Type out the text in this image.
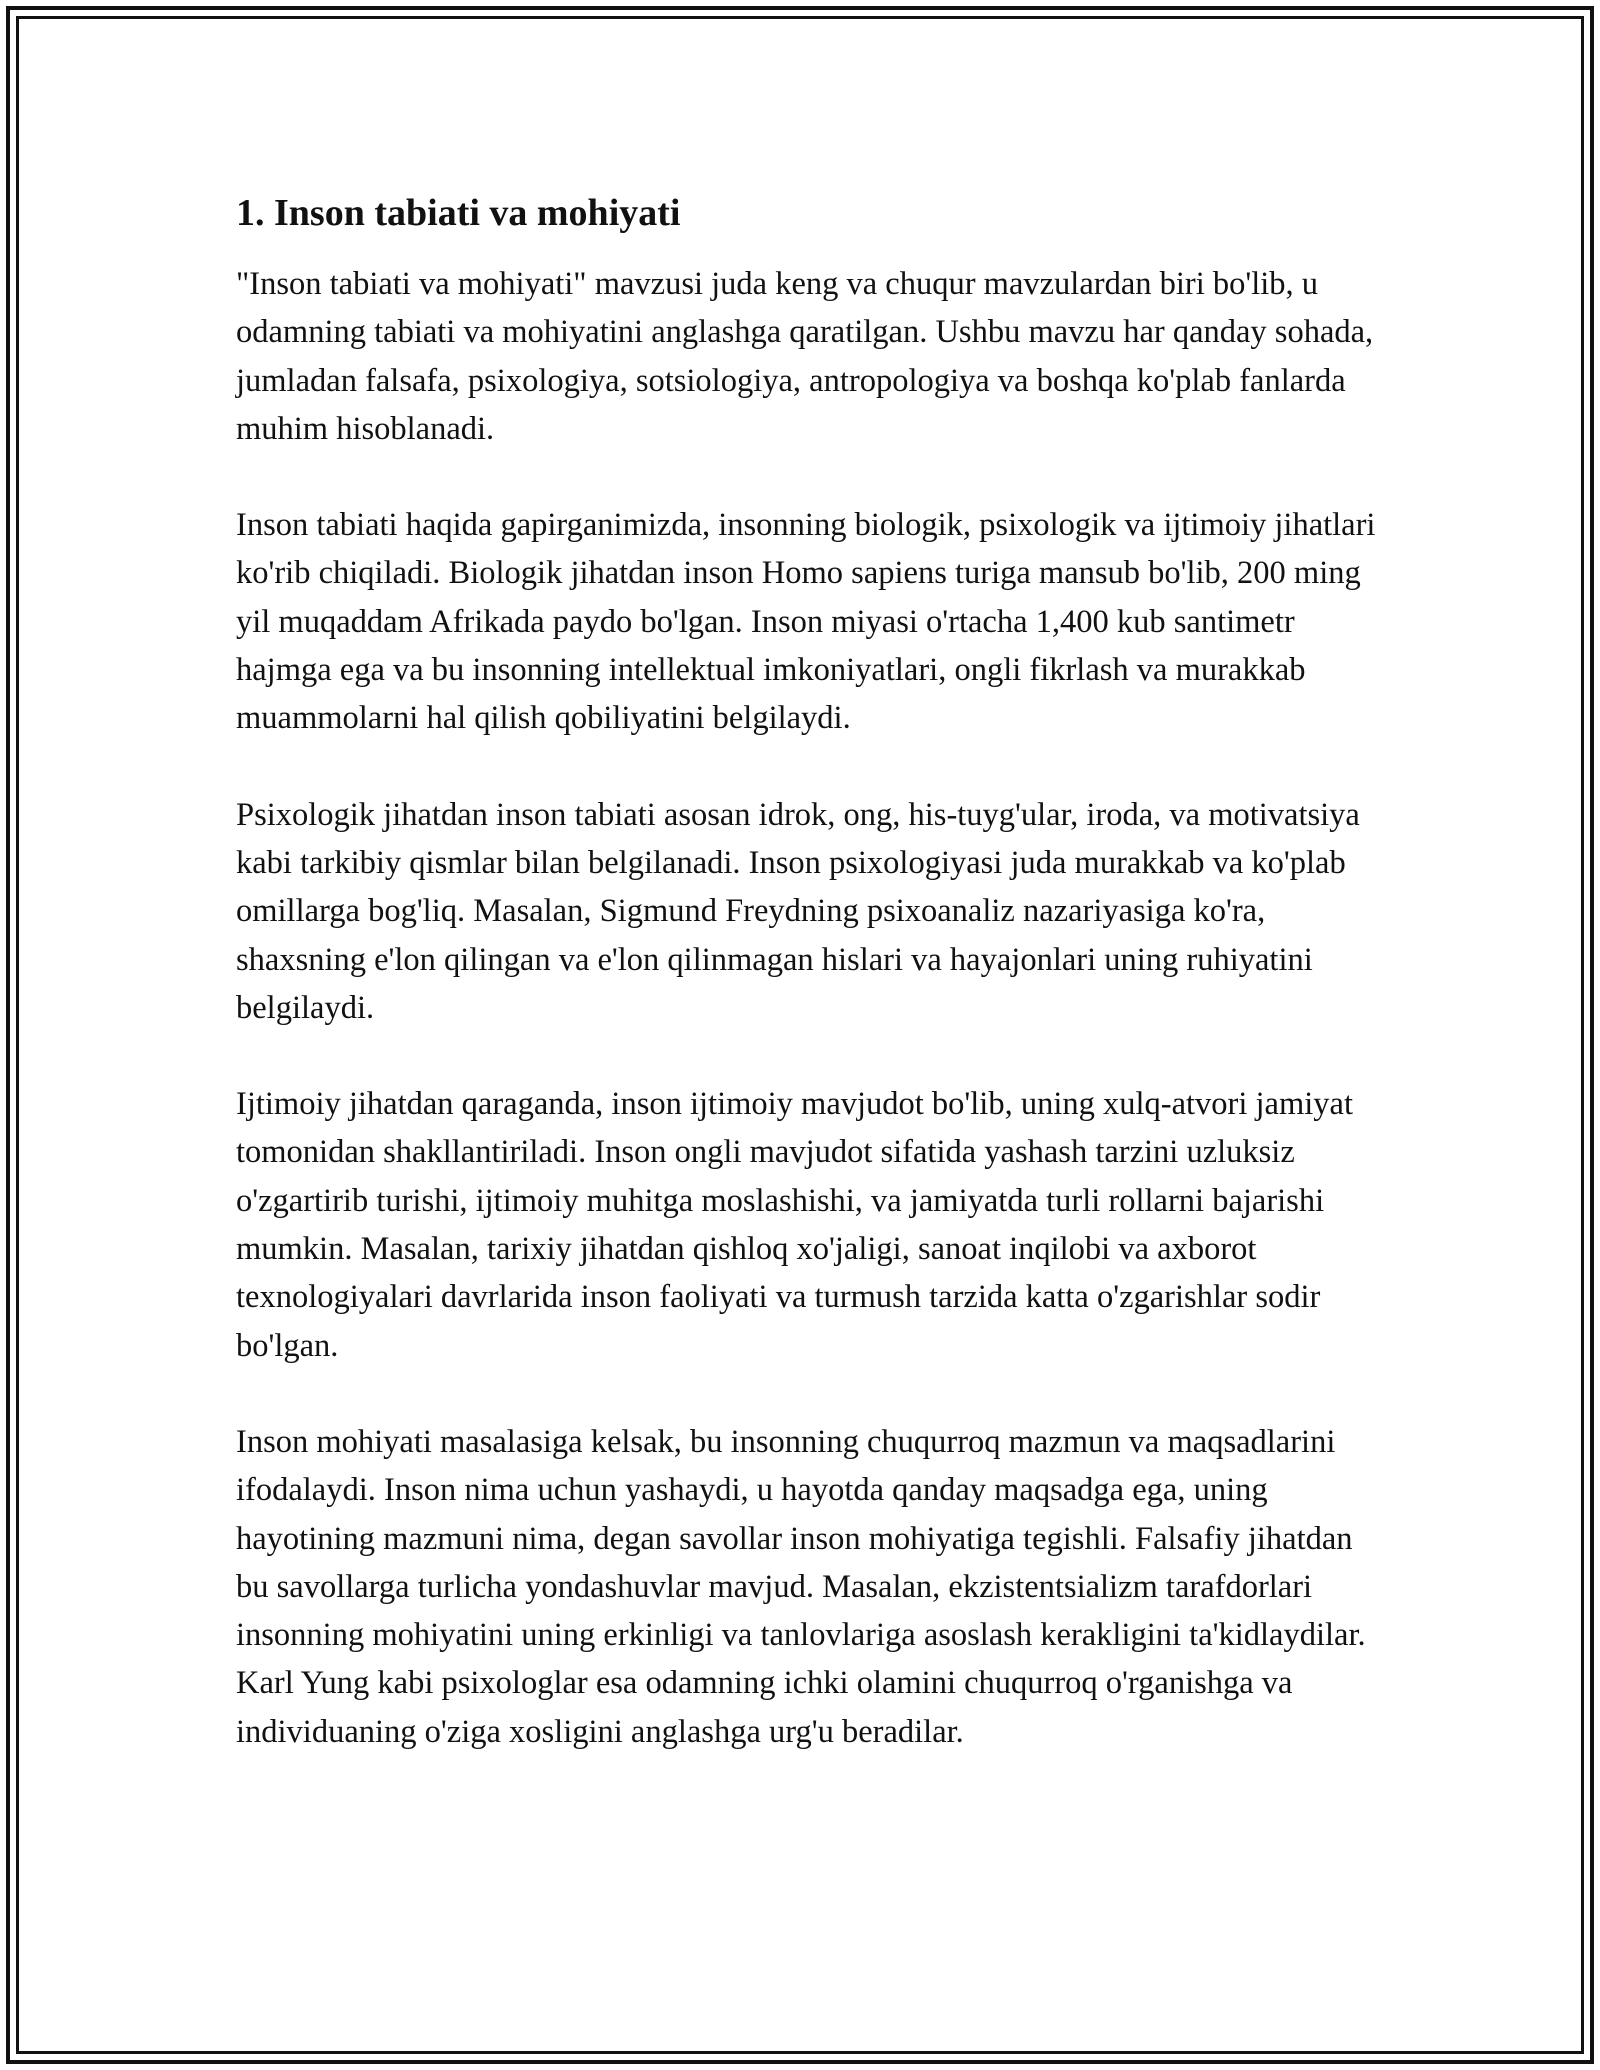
1. Inson tabiati va mohiyati

"Inson tabiati va mohiyati" mavzusi juda keng va chuqur mavzulardan biri bo'lib, u odamning tabiati va mohiyatini anglashga qaratilgan. Ushbu mavzu har qanday sohada, jumladan falsafa, psixologiya, sotsiologiya, antropologiya va boshqa ko'plab fanlarda muhim hisoblanadi.

Inson tabiati haqida gapirganimizda, insonning biologik, psixologik va ijtimoiy jihatlari ko'rib chiqiladi. Biologik jihatdan inson Homo sapiens turiga mansub bo'lib, 200 ming yil muqaddam Afrikada paydo bo'lgan. Inson miyasi o'rtacha 1,400 kub santimetr hajmga ega va bu insonning intellektual imkoniyatlari, ongli fikrlash va murakkab muammolarni hal qilish qobiliyatini belgilaydi.

Psixologik jihatdan inson tabiati asosan idrok, ong, his-tuyg'ular, iroda, va motivatsiya kabi tarkibiy qismlar bilan belgilanadi. Inson psixologiyasi juda murakkab va ko'plab omillarga bog'liq. Masalan, Sigmund Freydning psixoanaliz nazariyasiga ko'ra, shaxsning e'lon qilingan va e'lon qilinmagan hislari va hayajonlari uning ruhiyatini belgilaydi.

Ijtimoiy jihatdan qaraganda, inson ijtimoiy mavjudot bo'lib, uning xulq-atvori jamiyat tomonidan shakllantiriladi. Inson ongli mavjudot sifatida yashash tarzini uzluksiz o'zgartirib turishi, ijtimoiy muhitga moslashishi, va jamiyatda turli rollarni bajarishi mumkin. Masalan, tarixiy jihatdan qishloq xo'jaligi, sanoat inqilobi va axborot texnologiyalari davrlarida inson faoliyati va turmush tarzida katta o'zgarishlar sodir bo'lgan.

Inson mohiyati masalasiga kelsak, bu insonning chuqurroq mazmun va maqsadlarini ifodalaydi. Inson nima uchun yashaydi, u hayotda qanday maqsadga ega, uning hayotining mazmuni nima, degan savollar inson mohiyatiga tegishli. Falsafiy jihatdan bu savollarga turlicha yondashuvlar mavjud. Masalan, ekzistentsializm tarafdorlari insonning mohiyatini uning erkinligi va tanlovlariga asoslash kerakligini ta'kidlaydilar. Karl Yung kabi psixologlar esa odamning ichki olamini chuqurroq o'rganishga va individuaning o'ziga xosligini anglashga urg'u beradilar.
